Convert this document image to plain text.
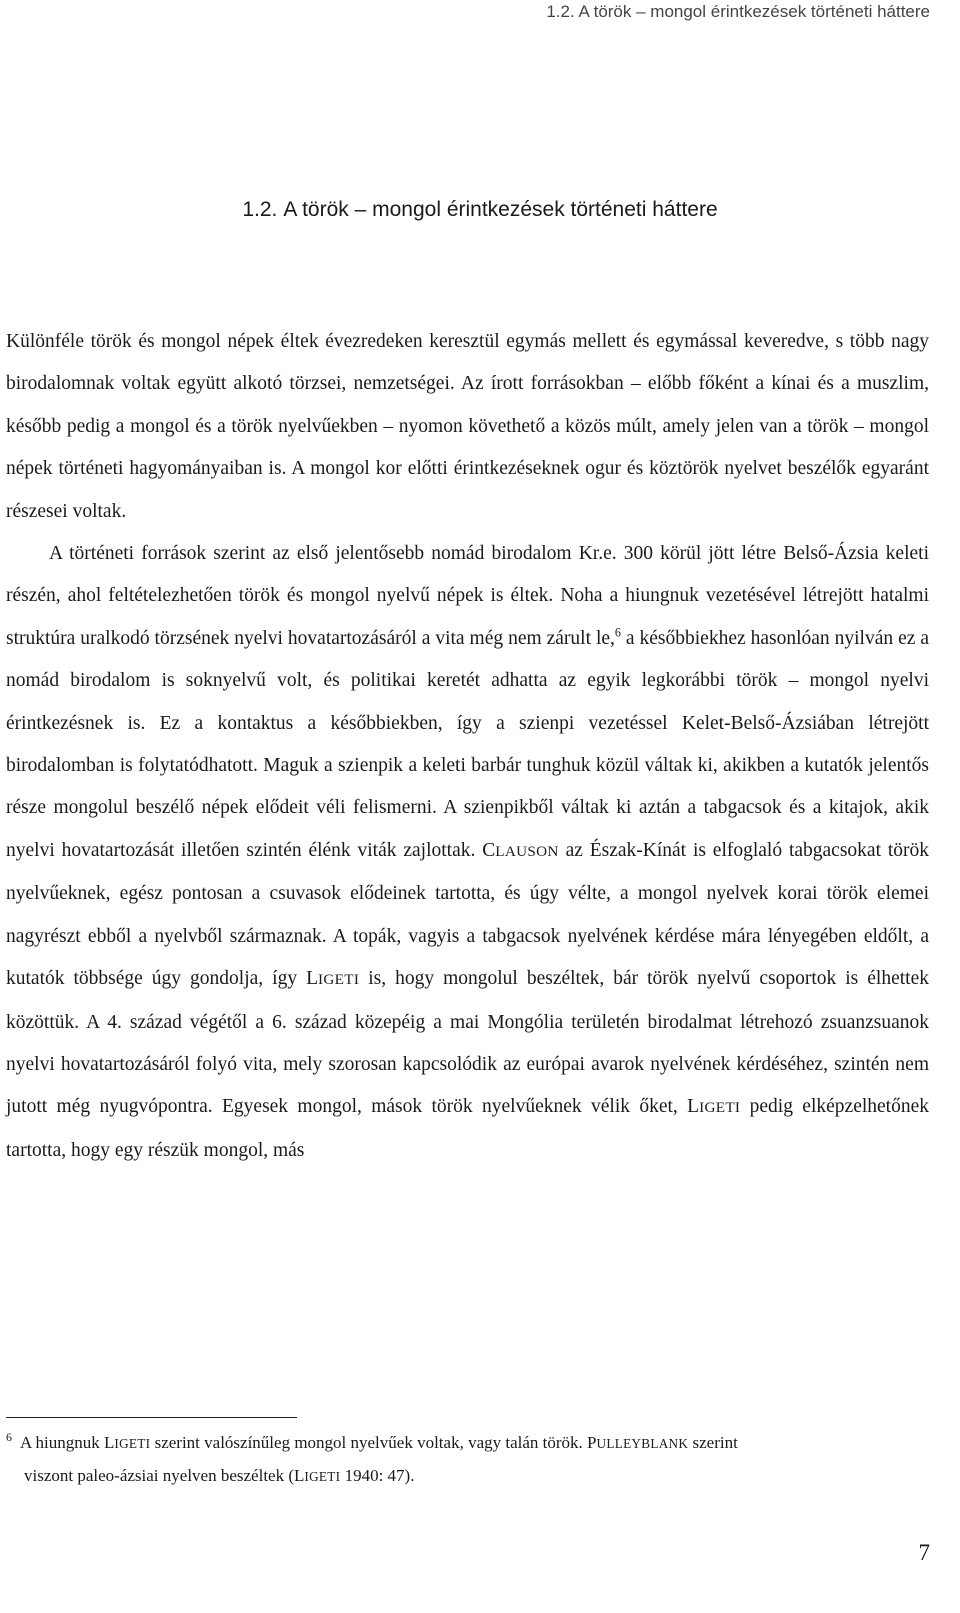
1.2. A török – mongol érintkezések történeti háttere
1.2. A török – mongol érintkezések történeti háttere

Különféle török és mongol népek éltek évezredeken keresztül egymás mellett és egymással keveredve, s több nagy birodalomnak voltak együtt alkotó törzsei, nemzetségei. Az írott forrásokban – előbb főként a kínai és a muszlim, később pedig a mongol és a török nyelvűekben – nyomon követhető a közös múlt, amely jelen van a török – mongol népek történeti hagyományaiban is. A mongol kor előtti érintkezéseknek ogur és köztörök nyelvet beszélők egyaránt részesei voltak.

A történeti források szerint az első jelentősebb nomád birodalom Kr.e. 300 körül jött létre Belső-Ázsia keleti részén, ahol feltételezhetően török és mongol nyelvű népek is éltek. Noha a hiungnuk vezetésével létrejött hatalmi struktúra uralkodó törzsének nyelvi hovatartozásáról a vita még nem zárult le,$^6$ a későbbiekhez hasonlóan nyilván ez a nomád birodalom is soknyelvű volt, és politikai keretét adhatta az egyik legkorábbi török – mongol nyelvi érintkezésnek is. Ez a kontaktus a későbbiekben, így a szienpi vezetéssel Kelet-Belső-Ázsiában létrejött birodalomban is folytatódhatott. Maguk a szienpik a keleti barbár tunghuk közül váltak ki, akikben a kutatók jelentős része mongolul beszélő népek elődeit véli felismerni. A szienpikből váltak ki aztán a tabgacsok és a kitajok, akik nyelvi hovatartozását illetően szintén élénk viták zajlottak. CLAUSON az Észak-Kínát is elfoglaló tabgacsokat török nyelvűeknek, egész pontosan a csuvasok elődeinek tartotta, és úgy vélte, a mongol nyelvek korai török elemei nagyrészt ebből a nyelvből származnak. A topák, vagyis a tabgacsok nyelvének kérdése mára lényegében eldőlt, a kutatók többsége úgy gondolja, így LIGETI is, hogy mongolul beszéltek, bár török nyelvű csoportok is élhettek közöttük. A 4. század végétől a 6. század közepéig a mai Mongólia területén birodalmat létrehozó zsuanzsuanok nyelvi hovatartozásáról folyó vita, mely szorosan kapcsolódik az európai avarok nyelvének kérdéséhez, szintén nem jutott még nyugvópontra. Egyesek mongol, mások török nyelvűeknek vélik őket, LIGETI pedig elképzelhetőnek tartotta, hogy egy részük mongol, más

$^6$ A hiungnuk LIGETI szerint valószínűleg mongol nyelvűek voltak, vagy talán török. PULLEYBLANK szerint
viszont paleo-ázsiai nyelven beszéltek (LIGETI 1940: 47).
7
